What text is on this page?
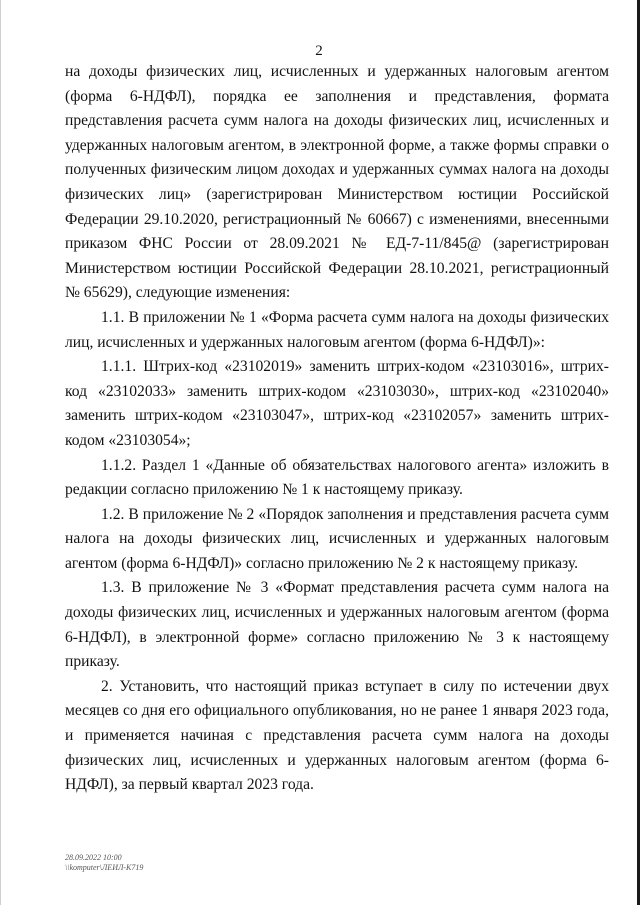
2

на доходы физических лиц, исчисленных и удержанных налоговым агентом (форма 6-НДФЛ), порядка ее заполнения и представления, формата представления расчета сумм налога на доходы физических лиц, исчисленных и удержанных налоговым агентом, в электронной форме, а также формы справки о полученных физическим лицом доходах и удержанных суммах налога на доходы физических лиц» (зарегистрирован Министерством юстиции Российской Федерации 29.10.2020, регистрационный № 60667) с изменениями, внесенными приказом ФНС России от 28.09.2021 № ЕД-7-11/845@ (зарегистрирован Министерством юстиции Российской Федерации 28.10.2021, регистрационный № 65629), следующие изменения:

1.1. В приложении № 1 «Форма расчета сумм налога на доходы физических лиц, исчисленных и удержанных налоговым агентом (форма 6-НДФЛ)»:

1.1.1. Штрих-код «23102019» заменить штрих-кодом «23103016», штрих-код «23102033» заменить штрих-кодом «23103030», штрих-код «23102040» заменить штрих-кодом «23103047», штрих-код «23102057» заменить штрих-кодом «23103054»;

1.1.2. Раздел 1 «Данные об обязательствах налогового агента» изложить в редакции согласно приложению № 1 к настоящему приказу.

1.2. В приложение № 2 «Порядок заполнения и представления расчета сумм налога на доходы физических лиц, исчисленных и удержанных налоговым агентом (форма 6-НДФЛ)» согласно приложению № 2 к настоящему приказу.

1.3. В приложение № 3 «Формат представления расчета сумм налога на доходы физических лиц, исчисленных и удержанных налоговым агентом (форма 6-НДФЛ), в электронной форме» согласно приложению № 3 к настоящему приказу.

2. Установить, что настоящий приказ вступает в силу по истечении двух месяцев со дня его официального опубликования, но не ранее 1 января 2023 года, и применяется начиная с представления расчета сумм налога на доходы физических лиц, исчисленных и удержанных налоговым агентом (форма 6-НДФЛ), за первый квартал 2023 года.

28.09.2022 10:00
\\komputer\ЛЕИЛ-К719
